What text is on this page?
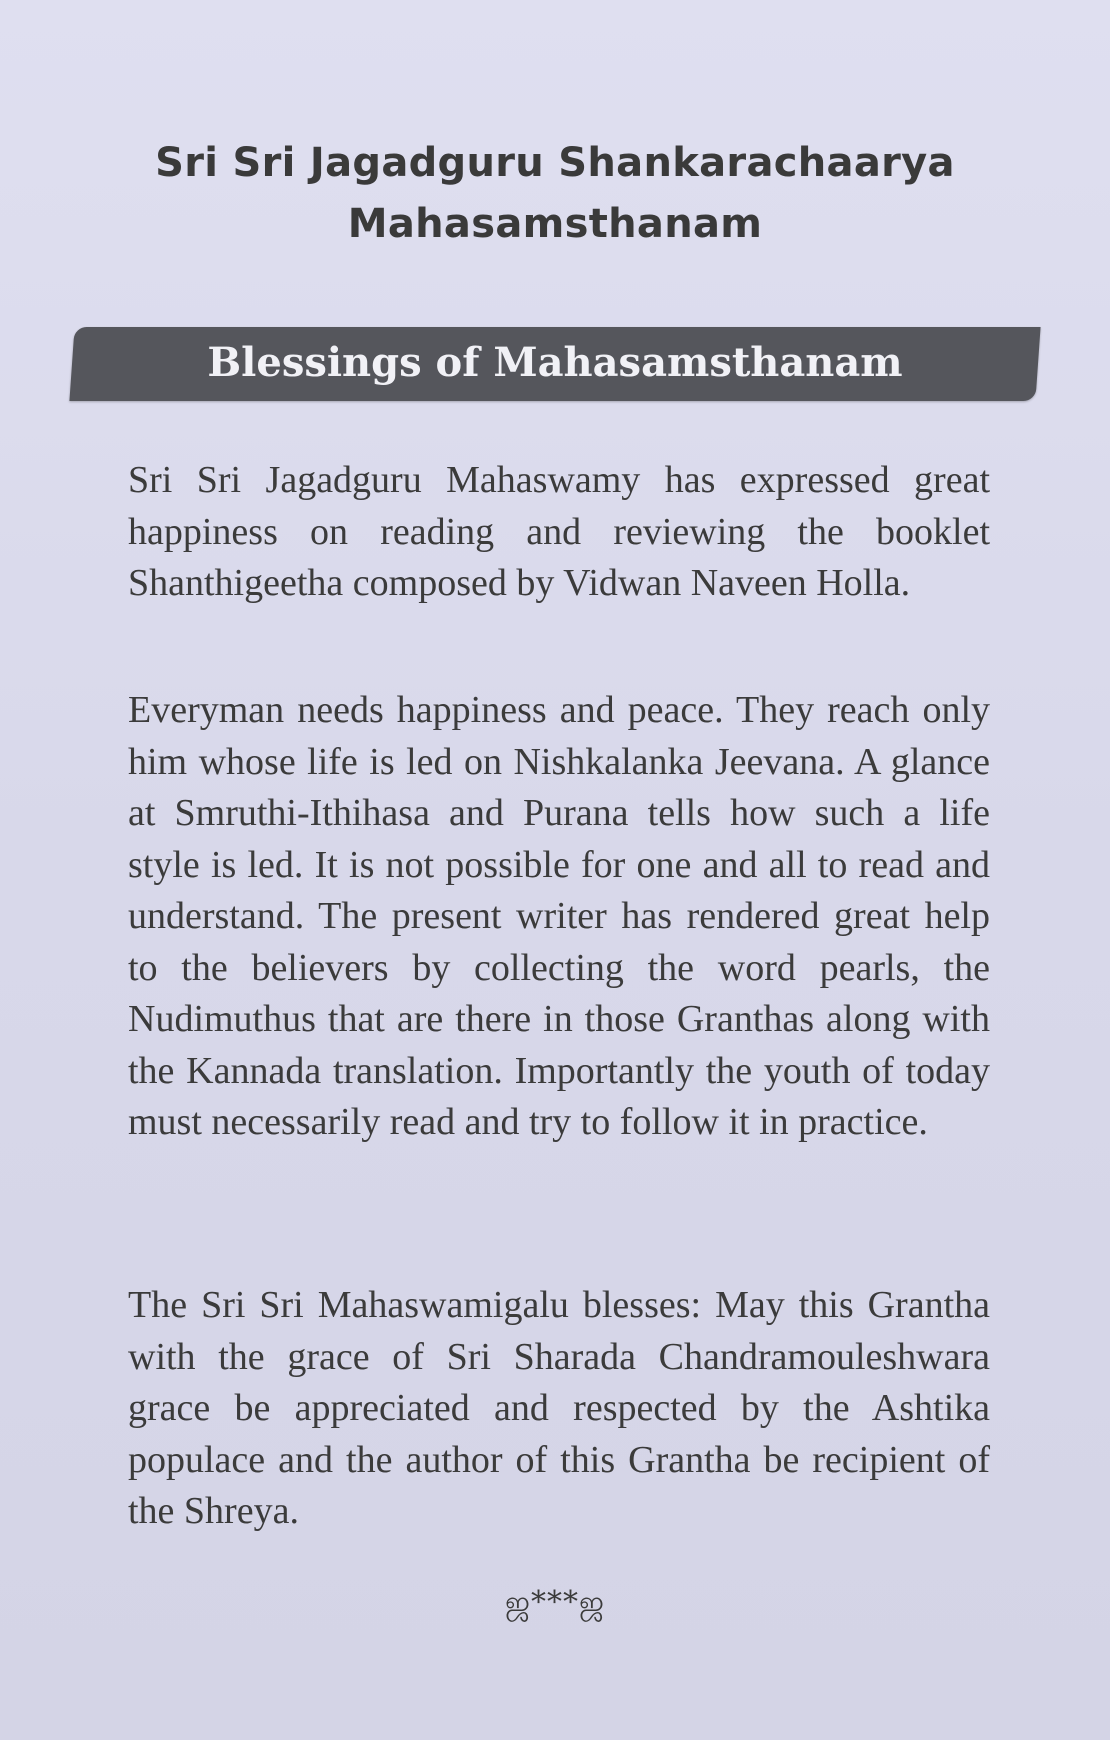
Sri Sri Jagadguru Shankarachaarya
Mahasamsthanam
Blessings of Mahasamsthanam
Sri Sri Jagadguru Mahaswamy has expressed great happiness on reading and reviewing the booklet Shanthigeetha composed by Vidwan Naveen Holla.
Everyman needs happiness and peace. They reach only him whose life is led on Nishkalanka Jeevana. A glance at Smruthi-Ithihasa and Purana tells how such a life style is led. It is not possible for one and all to read and understand. The present writer has rendered great help to the believers by collecting the word pearls, the Nudimuthus that are there in those Granthas along with the Kannada translation. Importantly the youth of today must necessarily read and try to follow it in practice.
The Sri Sri Mahaswamigalu blesses: May this Grantha with the grace of Sri Sharada Chandramouleshwara grace be appreciated and respected by the Ashtika populace and the author of this Grantha be recipient of the Shreya.
ஜ***ஜ
